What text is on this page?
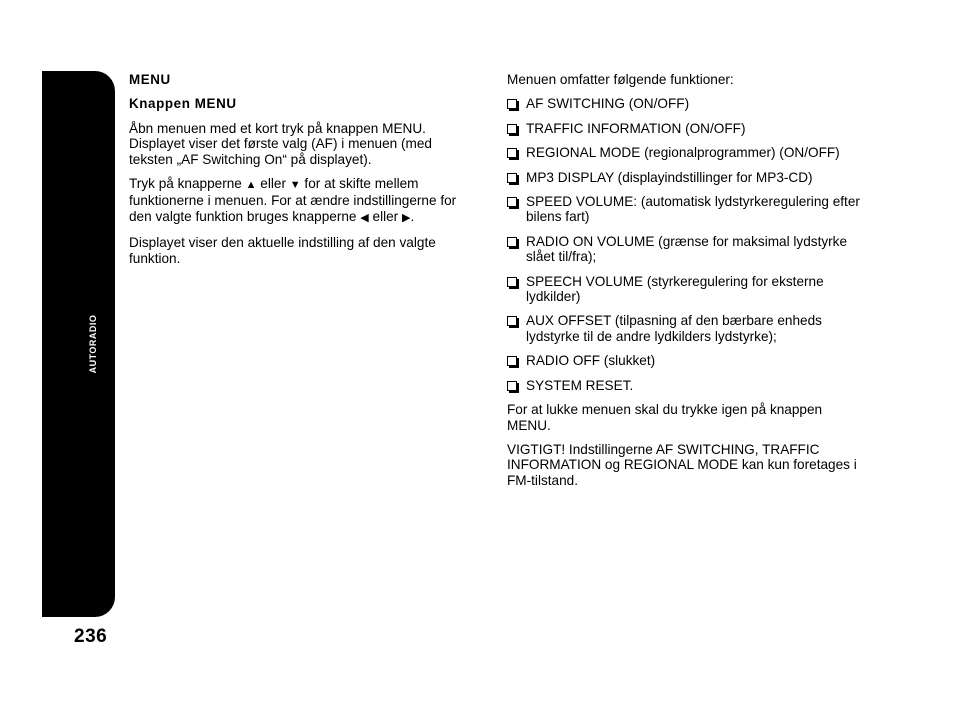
AUTORADIO
236

MENU

Knappen MENU

Åbn menuen med et kort tryk på knappen MENU. Displayet viser det første valg (AF) i menuen (med teksten „AF Switching On“ på displayet).

Tryk på knapperne ▲ eller ▼ for at skifte mellem funktionerne i menuen. For at ændre indstillingerne for den valgte funktion bruges knapperne ◀ eller ▶.

Displayet viser den aktuelle indstilling af den valgte funktion.

Menuen omfatter følgende funktioner:

AF SWITCHING (ON/OFF)
TRAFFIC INFORMATION (ON/OFF)
REGIONAL MODE (regionalprogrammer) (ON/OFF)
MP3 DISPLAY (displayindstillinger for MP3-CD)
SPEED VOLUME: (automatisk lydstyrkeregulering efter bilens fart)
RADIO ON VOLUME (grænse for maksimal lydstyrke slået til/fra);
SPEECH VOLUME (styrkeregulering for eksterne lydkilder)
AUX OFFSET (tilpasning af den bærbare enheds lydstyrke til de andre lydkilders lydstyrke);
RADIO OFF (slukket)
SYSTEM RESET.

For at lukke menuen skal du trykke igen på knappen MENU.

VIGTIGT! Indstillingerne AF SWITCHING, TRAFFIC INFORMATION og REGIONAL MODE kan kun foretages i FM-tilstand.
